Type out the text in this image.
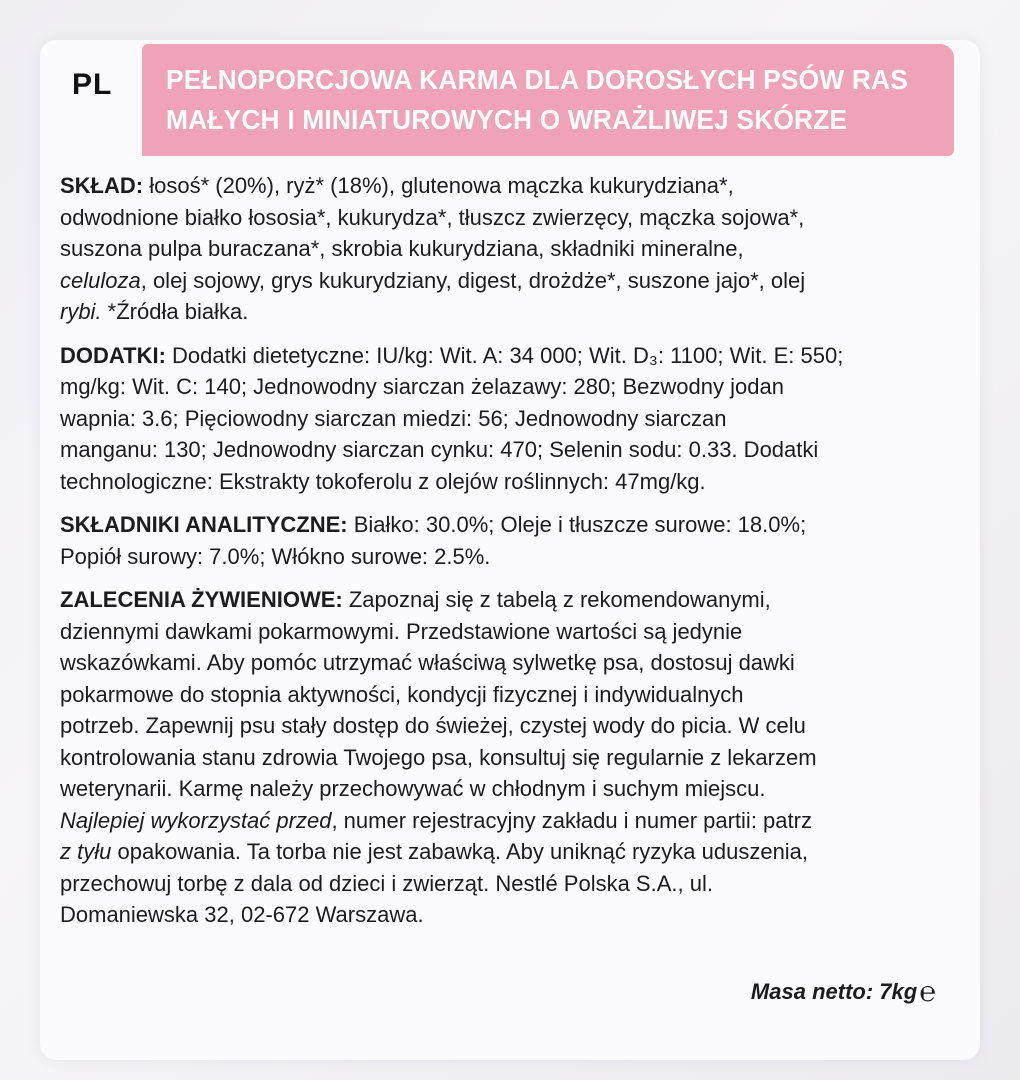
PL PEŁNOPORCJOWA KARMA DLA DOROSŁYCH PSÓW RAS
MAŁYCH I MINIATUROWYCH O WRAŻLIWEJ SKÓRZE
SKŁAD: łosoś* (20%), ryż* (18%), glutenowa mączka kukurydziana*,
odwodnione białko łososia*, kukurydza*, tłuszcz zwierzęcy, mączka sojowa*,
suszona pulpa buraczana*, skrobia kukurydziana, składniki mineralne,
celuloza, olej sojowy, grys kukurydziany, digest, drożdże*, suszone jajo*, olej
rybi. *Źródła białka.
DODATKI: Dodatki dietetyczne: IU/kg: Wit. A: 34 000; Wit. D₃: 1100; Wit. E: 550;
mg/kg: Wit. C: 140; Jednowodny siarczan żelazawy: 280; Bezwodny jodan
wapnia: 3.6; Pięciowodny siarczan miedzi: 56; Jednowodny siarczan
manganu: 130; Jednowodny siarczan cynku: 470; Selenin sodu: 0.33. Dodatki
technologiczne: Ekstrakty tokoferolu z olejów roślinnych: 47mg/kg.
SKŁADNIKI ANALITYCZNE: Białko: 30.0%; Oleje i tłuszcze surowe: 18.0%;
Popiół surowy: 7.0%; Włókno surowe: 2.5%.
ZALECENIA ŻYWIENIOWE: Zapoznaj się z tabelą z rekomendowanymi,
dziennymi dawkami pokarmowymi. Przedstawione wartości są jedynie
wskazówkami. Aby pomóc utrzymać właściwą sylwetkę psa, dostosuj dawki
pokarmowe do stopnia aktywności, kondycji fizycznej i indywidualnych
potrzeb. Zapewnij psu stały dostęp do świeżej, czystej wody do picia. W celu
kontrolowania stanu zdrowia Twojego psa, konsultuj się regularnie z lekarzem
weterynarii. Karmę należy przechowywać w chłodnym i suchym miejscu.
Najlepiej wykorzystać przed, numer rejestracyjny zakładu i numer partii: patrz
z tyłu opakowania. Ta torba nie jest zabawką. Aby uniknąć ryzyka uduszenia,
przechowuj torbę z dala od dzieci i zwierząt. Nestlé Polska S.A., ul.
Domaniewska 32, 02-672 Warszawa.
Masa netto: 7kg℮
